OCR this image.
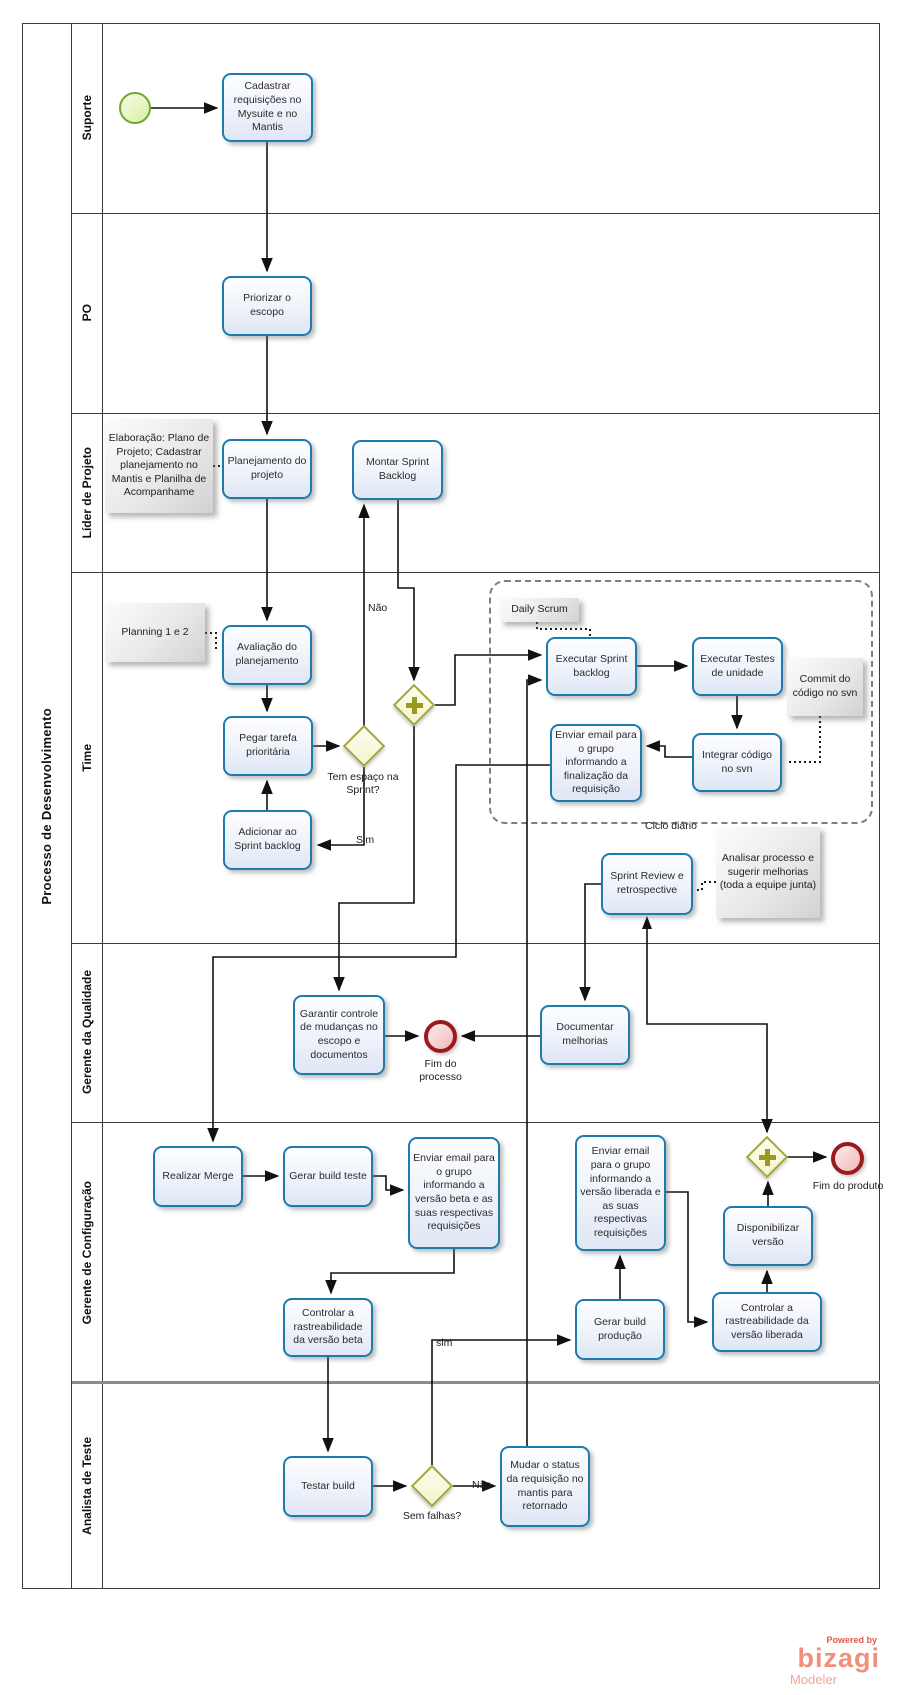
Processo de Desenvolvimento
Suporte
PO
Líder de Projeto
Time
Gerente da Qualidade
Gerente de Configuração
Analista de Teste
Fim do processo
Fim do produto
Cadastrar requisições no Mysuite e no Mantis
Priorizar o escopo
Planejamento do projeto
Montar Sprint Backlog
Avaliação do planejamento
Pegar tarefa prioritária
Adicionar ao Sprint backlog
Executar Sprint backlog
Executar Testes de unidade
Integrar código no svn
Enviar email para o grupo informando a finalização da requisição
Sprint Review e retrospective
Garantir controle de mudanças no escopo e documentos
Documentar melhorias
Realizar Merge	Gerar build teste
Enviar email para o grupo informando a versão beta e as suas respectivas requisições
Controlar a rastreabilidade da versão beta
Gerar build produção
Enviar email para o grupo informando a versão liberada e as suas respectivas requisições	Disponibilizar versão
Controlar a rastreabilidade da versão liberada
Testar build
Mudar o status da requisição no mantis para retornado
Tem espaço na Sprint?
Sem falhas?
Elaboração: Plano de Projeto; Cadastrar planejamento no Mantis e Planilha de Acompanhame
Planning 1 e 2
Daily Scrum
Commit do código no svn
Analisar processo e sugerir melhorias (toda a equipe junta)
Não
Sim
sim
Não
Ciclo diário
Powered by
bizagi
Modeler
